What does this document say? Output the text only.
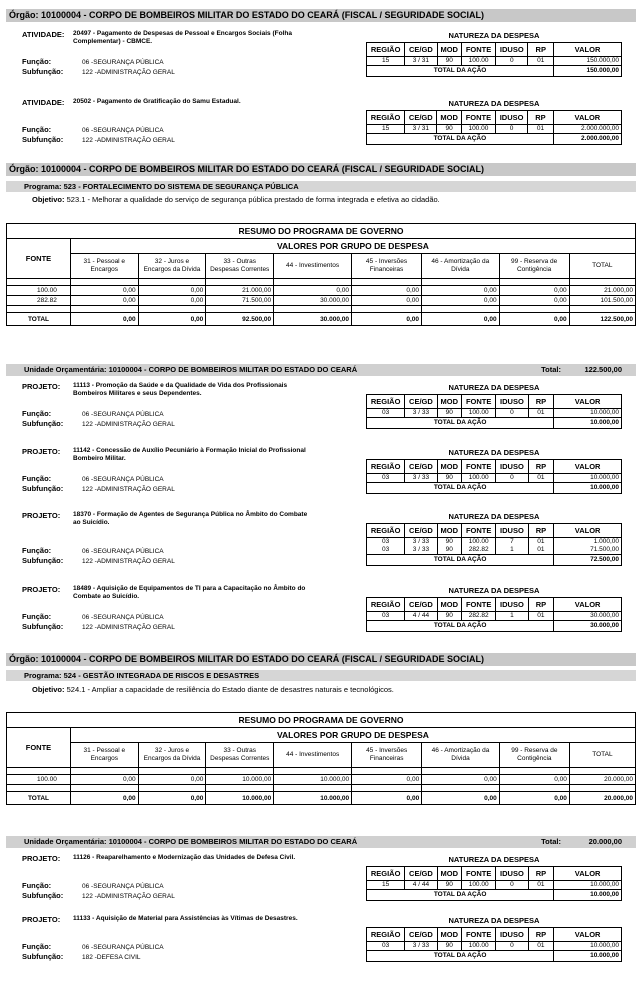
Órgão: 10100004 - CORPO DE BOMBEIROS MILITAR DO ESTADO DO CEARÁ (FISCAL / SEGURIDADE SOCIAL)
ATIVIDADE: 20497 - Pagamento de Despesas de Pessoal e Encargos Sociais (Folha Complementar) - CBMCE.
NATUREZA DA DESPESA
REGIÃO	CE/GD	MOD	FONTE	IDUSO	RP	VALOR
15	3 / 31	90	100.00	0	01	150.000,00
TOTAL DA AÇÃO						150.000,00
Função:	06 -SEGURANÇA PÚBLICA
Subfunção:	122 -ADMINISTRAÇÃO GERAL
ATIVIDADE: 20502 - Pagamento de Gratificação do Samu Estadual.	NATUREZA DA DESPESA
REGIÃO	CE/GD	MOD	FONTE	IDUSO	RP	VALOR
15	3 / 31	90	100.00	0	01	2.000.000,00
TOTAL DA AÇÃO						2.000.000,00
Função:	06 -SEGURANÇA PÚBLICA
Subfunção:	122 -ADMINISTRAÇÃO GERAL
Órgão: 10100004 - CORPO DE BOMBEIROS MILITAR DO ESTADO DO CEARÁ (FISCAL / SEGURIDADE SOCIAL)
Programa: 523 - FORTALECIMENTO DO SISTEMA DE SEGURANÇA PÚBLICA
Objetivo: 523.1 - Melhorar a qualidade do serviço de segurança pública prestado de forma integrada e efetiva ao cidadão.
RESUMO DO PROGRAMA DE GOVERNO								
FONTE	VALORES POR GRUPO DE DESPESA							
	31 - Pessoal e Encargos	32 - Juros e Encargos da Dívida	33 - Outras Despesas Correntes	44 - Investimentos	45 - Inversões Financeiras	46 - Amortização da Dívida	99 - Reserva de Contigência	TOTAL

100.00	0,00	0,00	21.000,00	0,00	0,00	0,00	0,00	21.000,00
282.82	0,00	0,00	71.500,00	30.000,00	0,00	0,00	0,00	101.500,00

TOTAL	0,00	0,00	92.500,00	30.000,00	0,00	0,00	0,00	122.500,00
Unidade Orçamentária: 10100004 - CORPO DE BOMBEIROS MILITAR DO ESTADO DO CEARÁ	Total:	122.500,00
PROJETO: 11113 - Promoção da Saúde e da Qualidade de Vida dos Profissionais Bombeiros Militares e seus Dependentes.
NATUREZA DA DESPESA
REGIÃO	CE/GD	MOD	FONTE	IDUSO	RP	VALOR
03	3 / 33	90	100.00	0	01	10.000,00
TOTAL DA AÇÃO						10.000,00
Função:	06 -SEGURANÇA PÚBLICA
Subfunção:	122 -ADMINISTRAÇÃO GERAL
PROJETO: 11142 - Concessão de Auxílio Pecuniário à Formação Inicial do Profissional Bombeiro Militar.
NATUREZA DA DESPESA
REGIÃO	CE/GD	MOD	FONTE	IDUSO	RP	VALOR
03	3 / 33	90	100.00	0	01	10.000,00
TOTAL DA AÇÃO						10.000,00
Função:	06 -SEGURANÇA PÚBLICA
Subfunção:	122 -ADMINISTRAÇÃO GERAL
PROJETO: 18370 - Formação de Agentes de Segurança Pública no Âmbito do Combate ao Suicídio.
NATUREZA DA DESPESA
REGIÃO	CE/GD	MOD	FONTE	IDUSO	RP	VALOR
03	3 / 33	90	100.00	7	01	1.000,00
03	3 / 33	90	282.82	1	01	71.500,00
TOTAL DA AÇÃO						72.500,00
Função:	06 -SEGURANÇA PÚBLICA
Subfunção:	122 -ADMINISTRAÇÃO GERAL
PROJETO: 18489 - Aquisição de Equipamentos de TI para a Capacitação no Âmbito do Combate ao Suicídio.
NATUREZA DA DESPESA
REGIÃO	CE/GD	MOD	FONTE	IDUSO	RP	VALOR
03	4 / 44	90	282.82	1	01	30.000,00
TOTAL DA AÇÃO						30.000,00
Função:	06 -SEGURANÇA PÚBLICA
Subfunção:	122 -ADMINISTRAÇÃO GERAL
Órgão: 10100004 - CORPO DE BOMBEIROS MILITAR DO ESTADO DO CEARÁ (FISCAL / SEGURIDADE SOCIAL)
Programa: 524 - GESTÃO INTEGRADA DE RISCOS E DESASTRES
Objetivo: 524.1 - Ampliar a capacidade de resiliência do Estado diante de desastres naturais e tecnológicos.
RESUMO DO PROGRAMA DE GOVERNO								
FONTE	VALORES POR GRUPO DE DESPESA							
	31 - Pessoal e Encargos	32 - Juros e Encargos da Dívida	33 - Outras Despesas Correntes	44 - Investimentos	45 - Inversões Financeiras	46 - Amortização da Dívida	99 - Reserva de Contigência	TOTAL

100.00	0,00	0,00	10.000,00	10.000,00	0,00	0,00	0,00	20.000,00

TOTAL	0,00	0,00	10.000,00	10.000,00	0,00	0,00	0,00	20.000,00
Unidade Orçamentária: 10100004 - CORPO DE BOMBEIROS MILITAR DO ESTADO DO CEARÁ	Total:	20.000,00
PROJETO: 11126 - Reaparelhamento e Modernização das Unidades de Defesa Civil.	NATUREZA DA DESPESA
REGIÃO	CE/GD	MOD	FONTE	IDUSO	RP	VALOR
15	4 / 44	90	100.00	0	01	10.000,00
TOTAL DA AÇÃO						10.000,00
Função:	06 -SEGURANÇA PÚBLICA
Subfunção:	122 -ADMINISTRAÇÃO GERAL
PROJETO: 11133 - Aquisição de Material para Assistências às Vítimas de Desastres.	NATUREZA DA DESPESA
REGIÃO	CE/GD	MOD	FONTE	IDUSO	RP	VALOR
03	3 / 33	90	100.00	0	01	10.000,00
TOTAL DA AÇÃO						10.000,00
Função:	06 -SEGURANÇA PÚBLICA
Subfunção:	182 -DEFESA CIVIL
